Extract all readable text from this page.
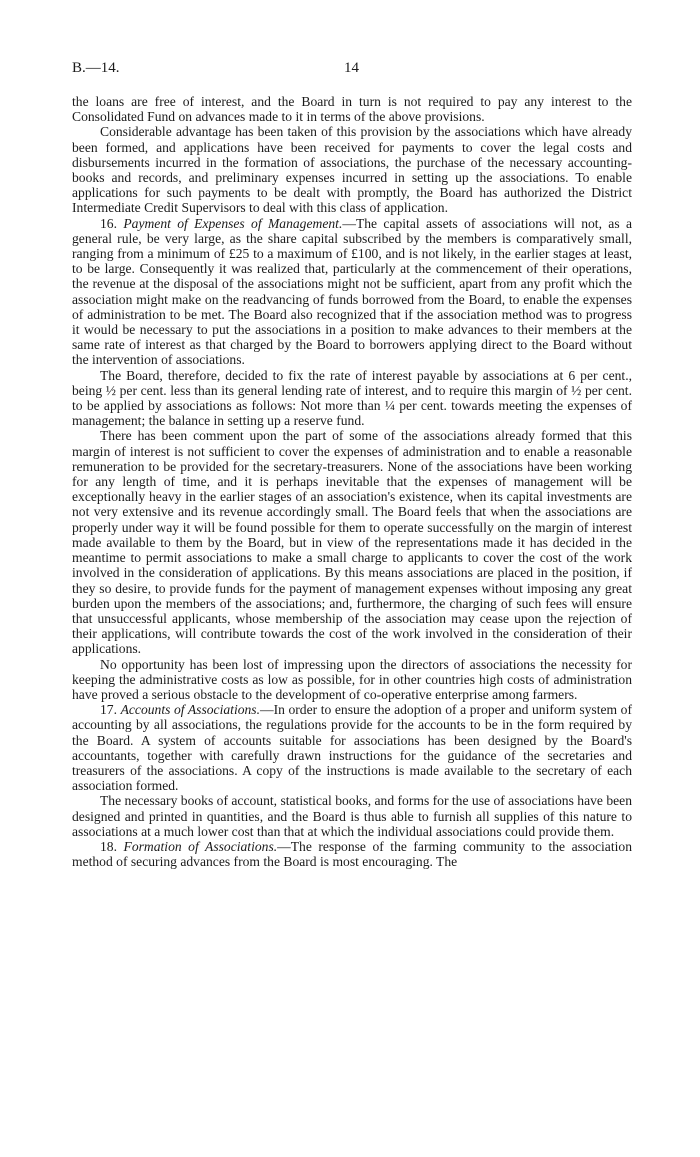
B.—14.	14

the loans are free of interest, and the Board in turn is not required to pay any interest to the Consolidated Fund on advances made to it in terms of the above provisions.

Considerable advantage has been taken of this provision by the associations which have already been formed, and applications have been received for payments to cover the legal costs and disbursements incurred in the formation of associations, the purchase of the necessary accounting-books and records, and preliminary expenses incurred in setting up the associations. To enable applications for such payments to be dealt with promptly, the Board has authorized the District Intermediate Credit Supervisors to deal with this class of application.

16. Payment of Expenses of Management.—The capital assets of associations will not, as a general rule, be very large, as the share capital subscribed by the members is comparatively small, ranging from a minimum of £25 to a maximum of £100, and is not likely, in the earlier stages at least, to be large. Consequently it was realized that, particularly at the commencement of their operations, the revenue at the disposal of the associations might not be sufficient, apart from any profit which the association might make on the readvancing of funds borrowed from the Board, to enable the expenses of administration to be met. The Board also recognized that if the association method was to progress it would be necessary to put the associations in a position to make advances to their members at the same rate of interest as that charged by the Board to borrowers applying direct to the Board without the intervention of associations.

The Board, therefore, decided to fix the rate of interest payable by associations at 6 per cent., being ½ per cent. less than its general lending rate of interest, and to require this margin of ½ per cent. to be applied by associations as follows: Not more than ¼ per cent. towards meeting the expenses of management; the balance in setting up a reserve fund.

There has been comment upon the part of some of the associations already formed that this margin of interest is not sufficient to cover the expenses of administration and to enable a reasonable remuneration to be provided for the secretary-treasurers. None of the associations have been working for any length of time, and it is perhaps inevitable that the expenses of management will be exceptionally heavy in the earlier stages of an association's existence, when its capital investments are not very extensive and its revenue accordingly small. The Board feels that when the associations are properly under way it will be found possible for them to operate successfully on the margin of interest made available to them by the Board, but in view of the representations made it has decided in the meantime to permit associations to make a small charge to applicants to cover the cost of the work involved in the consideration of applications. By this means associations are placed in the position, if they so desire, to provide funds for the payment of management expenses without imposing any great burden upon the members of the associations; and, furthermore, the charging of such fees will ensure that unsuccessful applicants, whose membership of the association may cease upon the rejection of their applications, will contribute towards the cost of the work involved in the consideration of their applications.

No opportunity has been lost of impressing upon the directors of associations the necessity for keeping the administrative costs as low as possible, for in other countries high costs of administration have proved a serious obstacle to the development of co-operative enterprise among farmers.

17. Accounts of Associations.—In order to ensure the adoption of a proper and uniform system of accounting by all associations, the regulations provide for the accounts to be in the form required by the Board. A system of accounts suitable for associations has been designed by the Board's accountants, together with carefully drawn instructions for the guidance of the secretaries and treasurers of the associations. A copy of the instructions is made available to the secretary of each association formed.

The necessary books of account, statistical books, and forms for the use of associations have been designed and printed in quantities, and the Board is thus able to furnish all supplies of this nature to associations at a much lower cost than that at which the individual associations could provide them.

18. Formation of Associations.—The response of the farming community to the association method of securing advances from the Board is most encouraging. The
